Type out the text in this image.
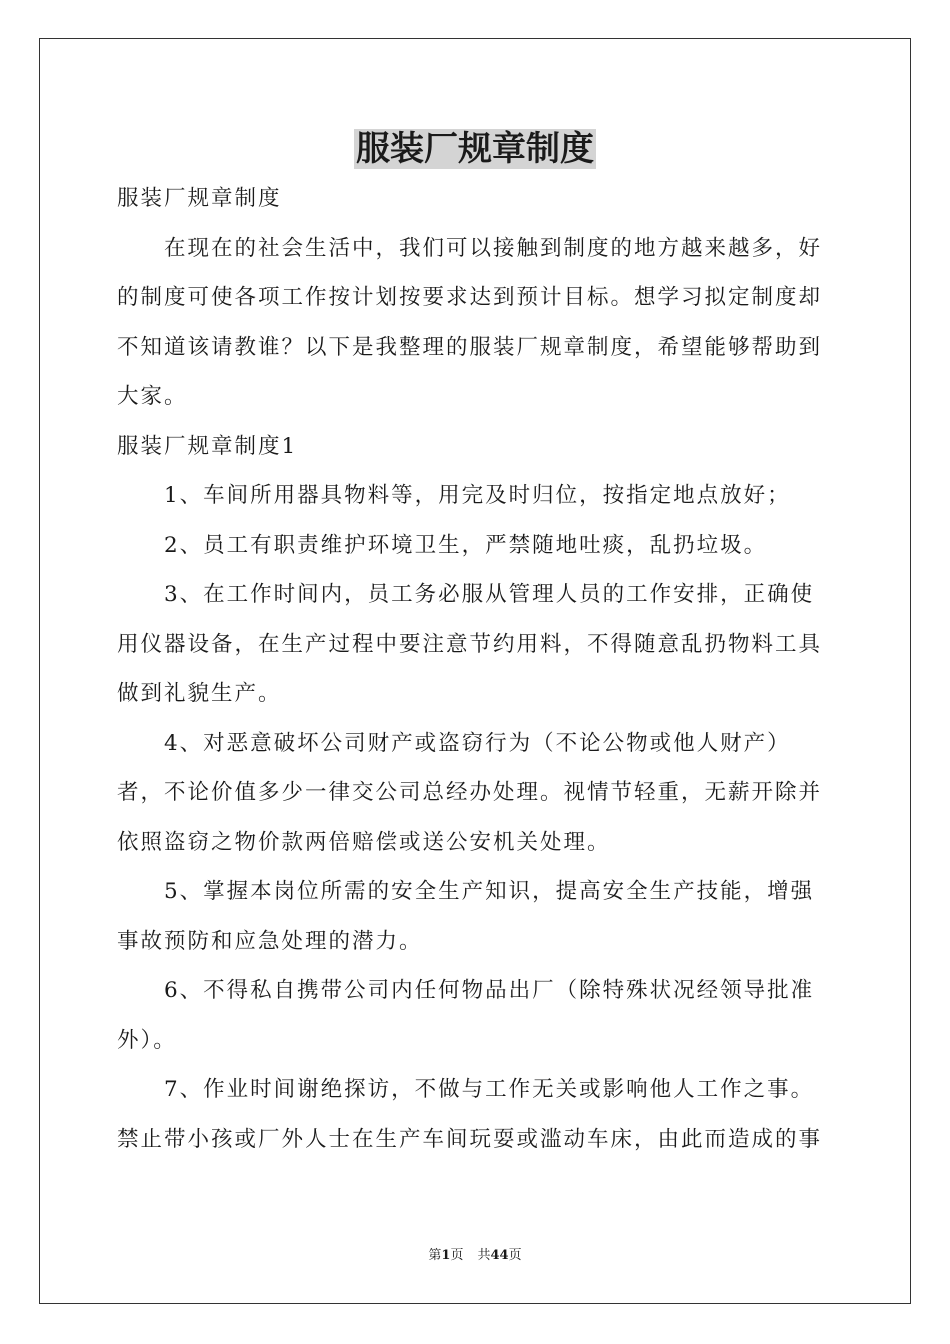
服装厂规章制度

服装厂规章制度

在现在的社会生活中，我们可以接触到制度的地方越来越多，好的制度可使各项工作按计划按要求达到预计目标。想学习拟定制度却不知道该请教谁？以下是我整理的服装厂规章制度，希望能够帮助到大家。

服装厂规章制度1

1、车间所用器具物料等，用完及时归位，按指定地点放好；

2、员工有职责维护环境卫生，严禁随地吐痰，乱扔垃圾。

3、在工作时间内，员工务必服从管理人员的工作安排，正确使用仪器设备，在生产过程中要注意节约用料，不得随意乱扔物料工具做到礼貌生产。

4、对恶意破坏公司财产或盗窃行为（不论公物或他人财产）者，不论价值多少一律交公司总经办处理。视情节轻重，无薪开除并依照盗窃之物价款两倍赔偿或送公安机关处理。

5、掌握本岗位所需的安全生产知识，提高安全生产技能，增强事故预防和应急处理的潜力。

6、不得私自携带公司内任何物品出厂（除特殊状况经领导批准外）。

7、作业时间谢绝探访，不做与工作无关或影响他人工作之事。禁止带小孩或厂外人士在生产车间玩耍或滥动车床，由此而造成的事

第1页 共44页
